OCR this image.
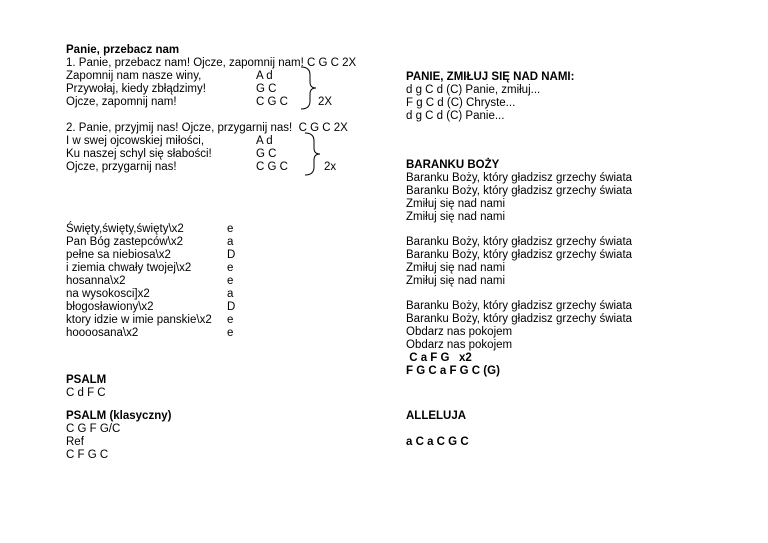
Panie, przebacz nam
1. Panie, przebacz nam! Ojcze, zapomnij nam! C G C 2X
Zapomnij nam nasze winy,	A d
Przywołaj, kiedy zbłądzimy!	G C
Ojcze, zapomnij nam!	C G C	2X
2. Panie, przyjmij nas! Ojcze, przygarnij nas!  C G C 2X
I w swej ojcowskiej miłości,	A d
Ku naszej schyl się słabości!	G C
Ojcze, przygarnij nas!	C G C	2x
Święty,święty,święty\x2	e
Pan Bóg zastepców\x2	a
pełne sa niebiosa\x2	D
i ziemia chwały twojej\x2	e
hosanna\x2	e
na wysokosci]x2	a
błogosławiony\x2	D
ktory idzie w imie panskie\x2 e
hoooosana\x2	e
PSALM
C d F C
PSALM (klasyczny)
C G F G/C
Ref
C F G C
PANIE, ZMIŁUJ SIĘ NAD NAMI:
d g C d (C) Panie, zmiłuj...
F g C d (C) Chryste...
d g C d (C) Panie...
BARANKU BOŻY
Baranku Boży, który gładzisz grzechy świata
Baranku Boży, który gładzisz grzechy świata
Zmiłuj się nad nami
Zmiłuj się nad nami
Baranku Boży, który gładzisz grzechy świata
Baranku Boży, który gładzisz grzechy świata
Zmiłuj się nad nami
Zmiłuj się nad nami
Baranku Boży, który gładzisz grzechy świata
Baranku Boży, który gładzisz grzechy świata
Obdarz nas pokojem
Obdarz nas pokojem
C a F G   x2
F G C a F G C (G)
ALLELUJA
a C a C G C
